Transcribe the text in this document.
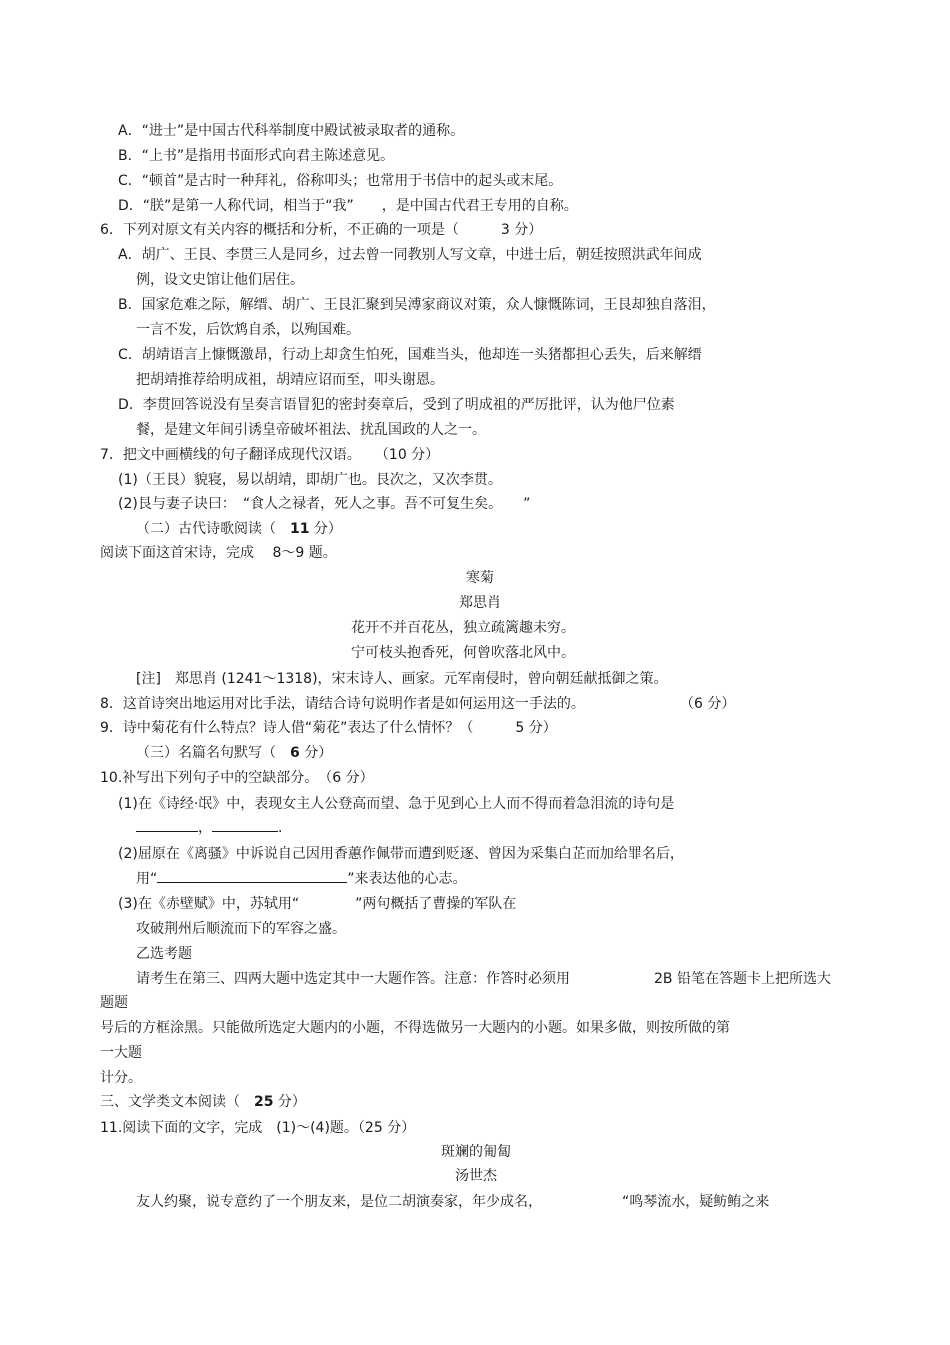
A．“进士”是中国古代科举制度中殿试被录取者的通称。
B．“上书”是指用书面形式向君主陈述意见。
C．“顿首”是古时一种拜礼，俗称叩头；也常用于书信中的起头或末尾。
D．“朕”是第一人称代词，相当于“我”　　，是中国古代君王专用的自称。
6．下列对原文有关内容的概括和分析，不正确的一项是（　　　3 分）
A．胡广、王艮、李贯三人是同乡，过去曾一同教别人写文章，中进士后，朝廷按照洪武年间成
例，设文史馆让他们居住。
B．国家危难之际，解缙、胡广、王艮汇聚到吴溥家商议对策，众人慷慨陈词，王艮却独自落泪，
一言不发，后饮鸩自杀，以殉国难。
C．胡靖语言上慷慨激昂，行动上却贪生怕死，国难当头，他却连一头猪都担心丢失，后来解缙
把胡靖推荐给明成祖，胡靖应诏而至，叩头谢恩。
D．李贯回答说没有呈奏言语冒犯的密封奏章后，受到了明成祖的严厉批评，认为他尸位素
餐，是建文年间引诱皇帝破坏祖法、扰乱国政的人之一。
7．把文中画横线的句子翻译成现代汉语。　　（10 分）
(1)（王艮）貌寝，易以胡靖，即胡广也。艮次之，又次李贯。
(2)艮与妻子诀曰：　“食人之禄者，死人之事。吾不可复生矣。　　”
（二）古代诗歌阅读（　11 分）
阅读下面这首宋诗，完成　 8～9 题。
寒菊
郑思肖
花开不并百花丛，独立疏篱趣未穷。
宁可枝头抱香死，何曾吹落北风中。
[注]　郑思肖 (1241～1318)，宋末诗人、画家。元军南侵时，曾向朝廷献抵御之策。
8．这首诗突出地运用对比手法，请结合诗句说明作者是如何运用这一手法的。	（6 分）
9．诗中菊花有什么特点？诗人借“菊花”表达了什么情怀？（　　　5 分）
（三）名篇名句默写（　6 分）
10.补写出下列句子中的空缺部分。　（6 分）
(1)在《诗经·氓》中，表现女主人公登高而望、急于见到心上人而不得而着急泪流的诗句是
，	.
(2)屈原在《离骚》中诉说自己因用香蕙作佩带而遭到贬逐、曾因为采集白芷而加给罪名后，
用“	”来表达他的心志。
(3)在《赤壁赋》中，苏轼用“　　　　”两句概括了曹操的军队在
攻破荆州后顺流而下的军容之盛。
乙选考题
请考生在第三、四两大题中选定其中一大题作答。注意：作答时必须用	2B 铅笔在答题卡上把所选大
题题
号后的方框涂黑。只能做所选定大题内的小题，不得选做另一大题内的小题。如果多做，则按所做的第
一大题
计分。
三、文学类文本阅读（　25 分）
11.阅读下面的文字，完成　(1)～(4)题。（25 分）
斑斓的匍匐
汤世杰
友人约聚，说专意约了一个朋友来，是位二胡演奏家，年少成名，	“鸣琴流水，疑鲂鲔之来
